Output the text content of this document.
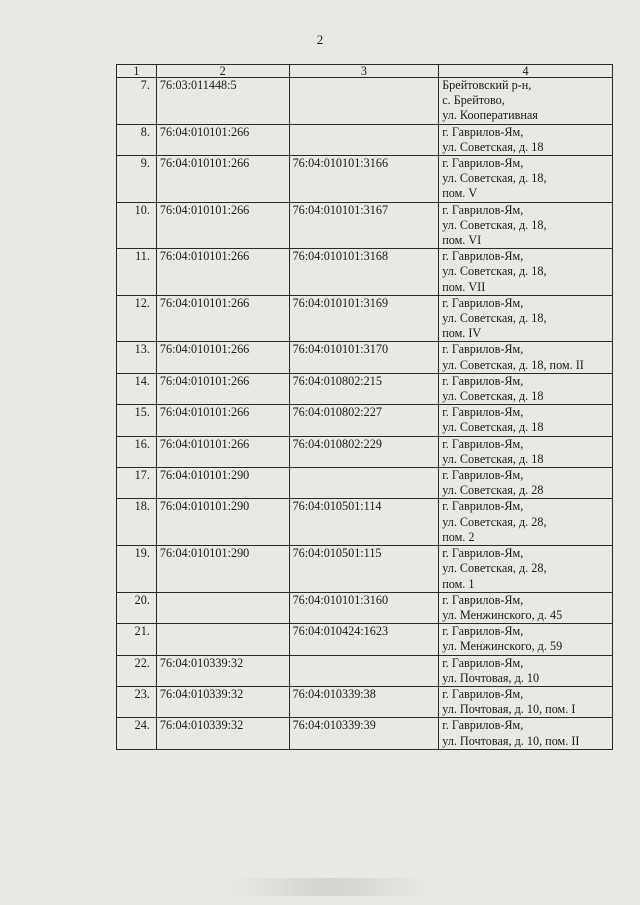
2
1	2	3	4
7.	76:03:011448:5		Брейтовский р-н,
с. Брейтово,
ул. Кооперативная

8.	76:04:010101:266		г. Гаврилов-Ям,
ул. Советская, д. 18

9.	76:04:010101:266	76:04:010101:3166	г. Гаврилов-Ям,
ул. Советская, д. 18,
пом. V

10.	76:04:010101:266	76:04:010101:3167	г. Гаврилов-Ям,
ул. Советская, д. 18,
пом. VI

11.	76:04:010101:266	76:04:010101:3168	г. Гаврилов-Ям,
ул. Советская, д. 18,
пом. VII

12.	76:04:010101:266	76:04:010101:3169	г. Гаврилов-Ям,
ул. Советская, д. 18,
пом. IV

13.	76:04:010101:266	76:04:010101:3170	г. Гаврилов-Ям,
ул. Советская, д. 18, пом. II

14.	76:04:010101:266	76:04:010802:215	г. Гаврилов-Ям,
ул. Советская, д. 18

15.	76:04:010101:266	76:04:010802:227	г. Гаврилов-Ям,
ул. Советская, д. 18

16.	76:04:010101:266	76:04:010802:229	г. Гаврилов-Ям,
ул. Советская, д. 18

17.	76:04:010101:290		г. Гаврилов-Ям,
ул. Советская, д. 28

18.	76:04:010101:290	76:04:010501:114	г. Гаврилов-Ям,
ул. Советская, д. 28,
пом. 2

19.	76:04:010101:290	76:04:010501:115	г. Гаврилов-Ям,
ул. Советская, д. 28,
пом. 1

20.		76:04:010101:3160	г. Гаврилов-Ям,
ул. Менжинского, д. 45

21.		76:04:010424:1623	г. Гаврилов-Ям,
ул. Менжинского, д. 59

22.	76:04:010339:32		г. Гаврилов-Ям,
ул. Почтовая, д. 10

23.	76:04:010339:32	76:04:010339:38	г. Гаврилов-Ям,
ул. Почтовая, д. 10, пом. I

24.	76:04:010339:32	76:04:010339:39	г. Гаврилов-Ям,
ул. Почтовая, д. 10, пом. II
